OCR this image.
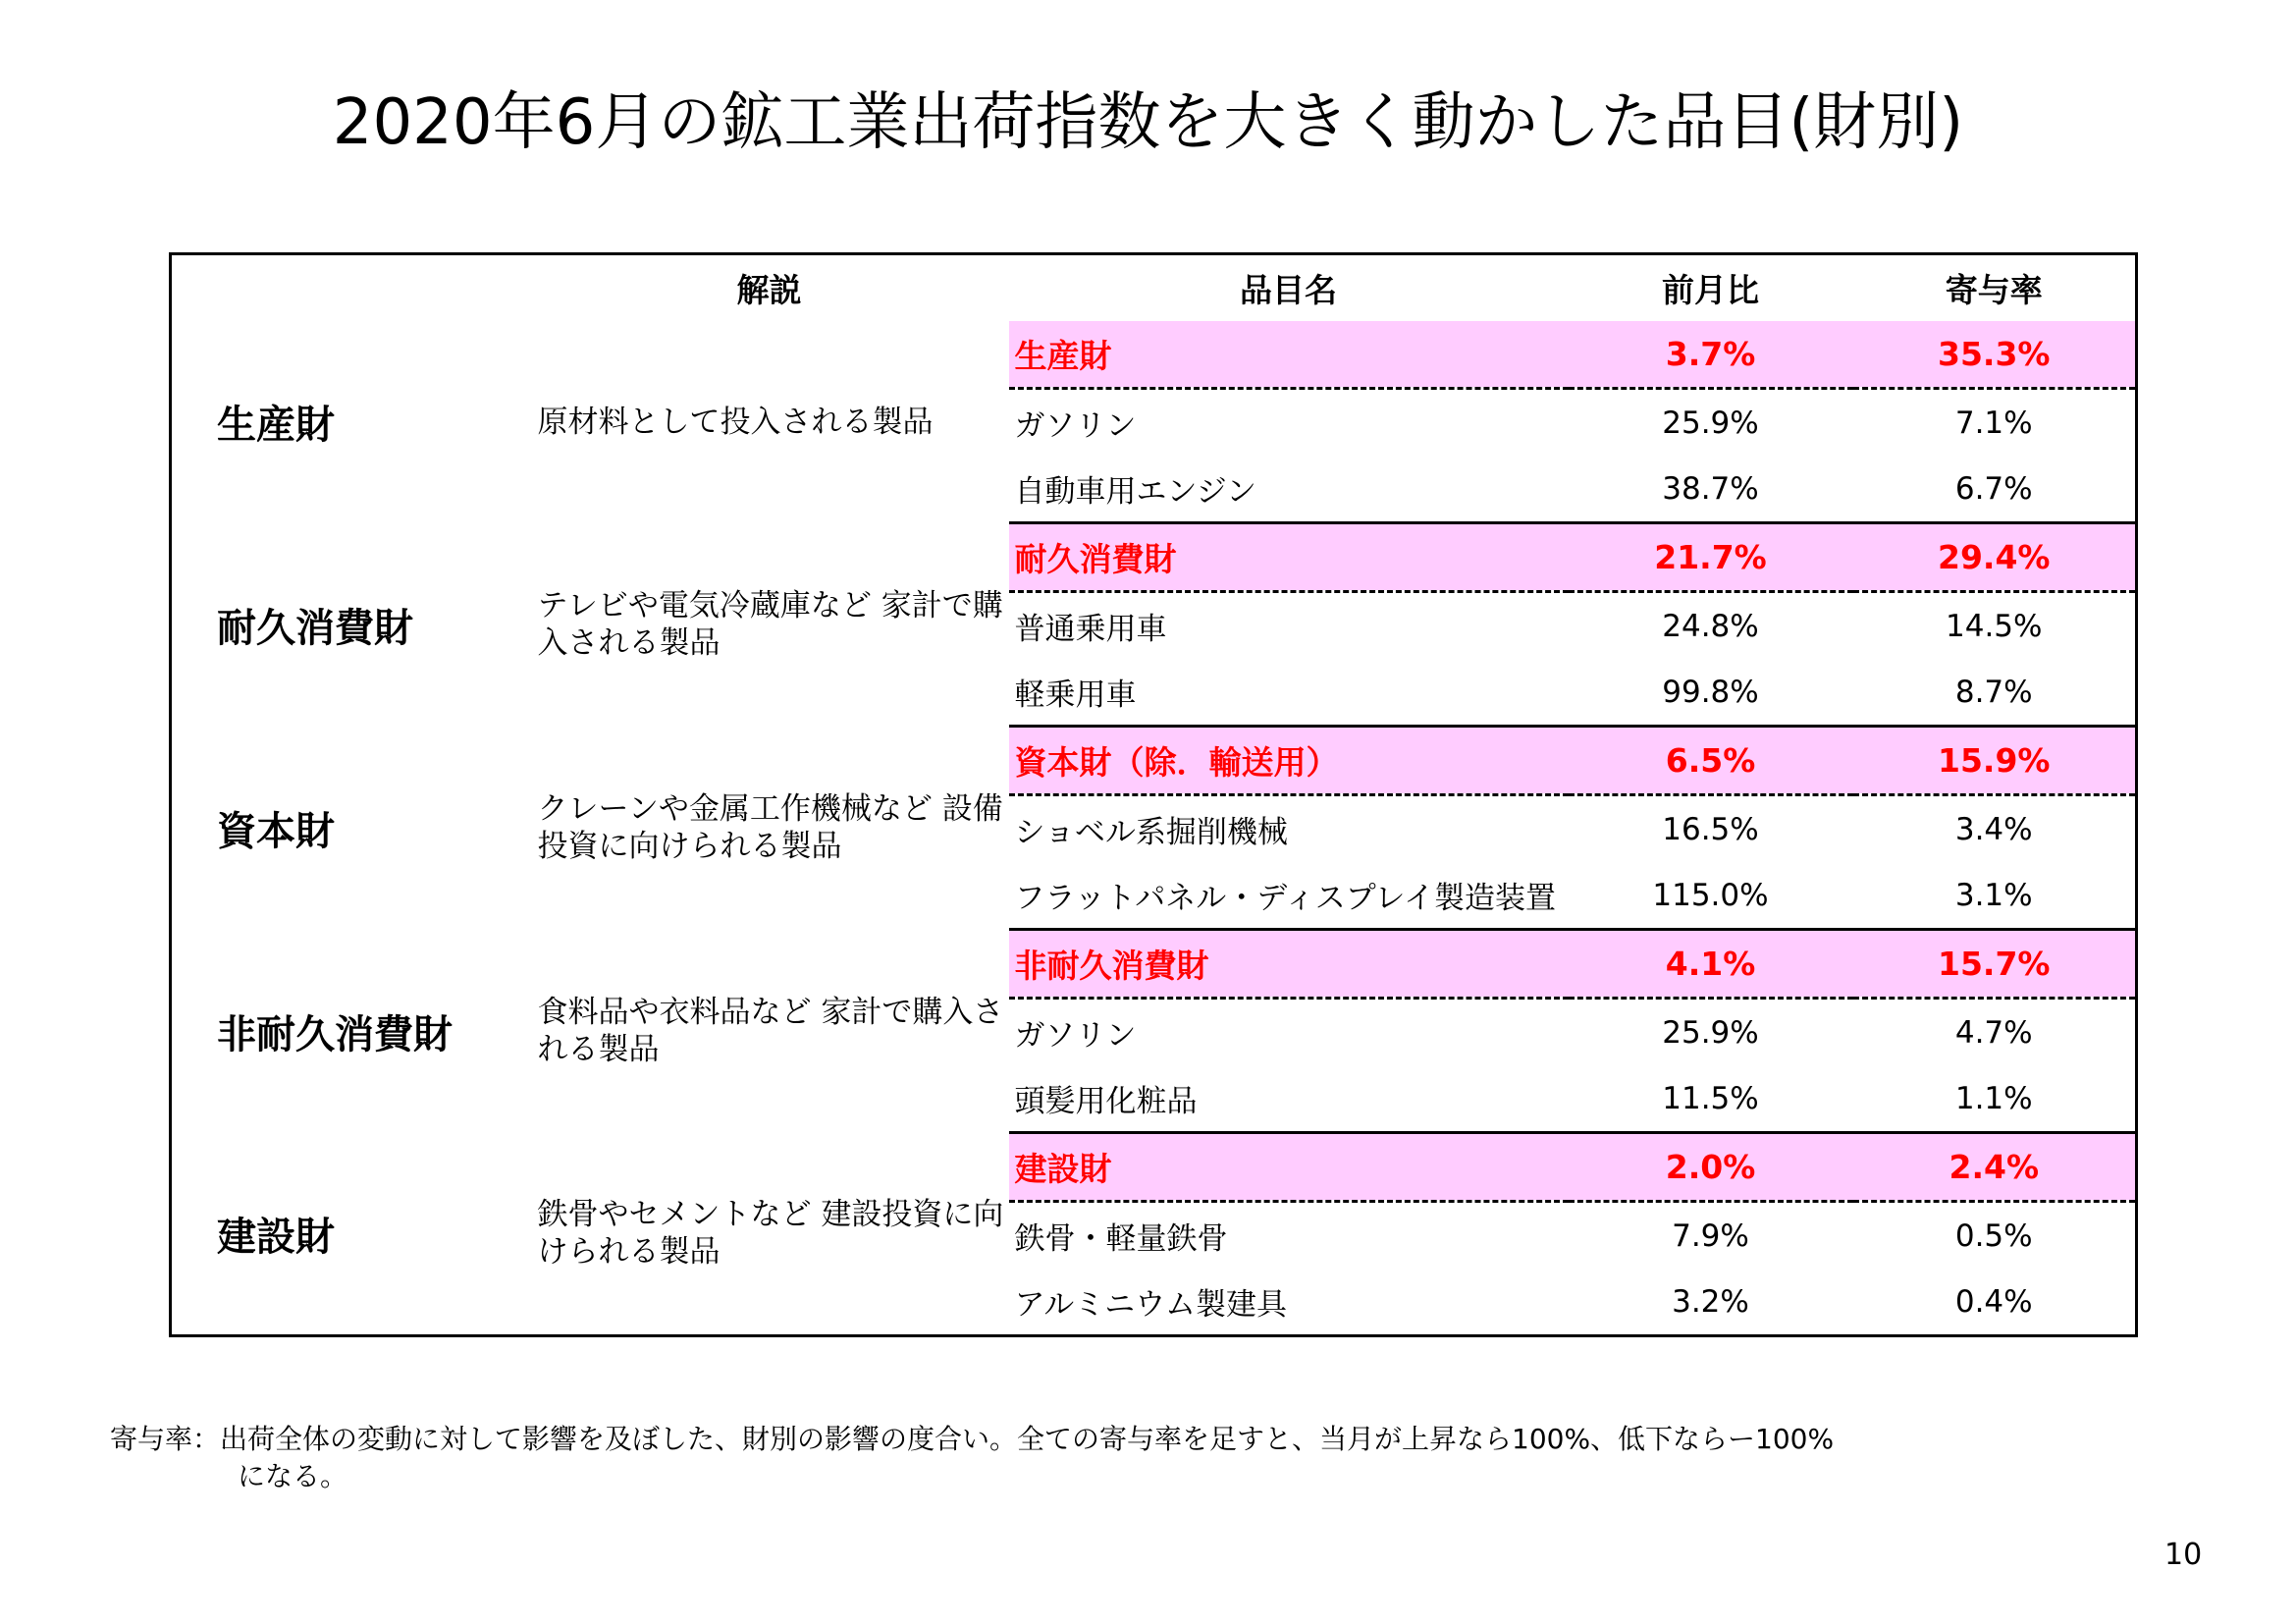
2020年6月の鉱工業出荷指数を大きく動かした品目(財別)
	解説	品目名	前月比	寄与率
生産財	原材料として投入される製品	生産財	3.7%	35.3%
		ガソリン	25.9%	7.1%
		自動車用エンジン	38.7%	6.7%
耐久消費財	テレビや電気冷蔵庫など 家計で購入される製品	耐久消費財	21.7%	29.4%
		普通乗用車	24.8%	14.5%
		軽乗用車	99.8%	8.7%
資本財	クレーンや金属工作機械など 設備投資に向けられる製品	資本財（除．輸送用）	6.5%	15.9%
		ショベル系掘削機械	16.5%	3.4%
		フラットパネル・ディスプレイ製造装置	115.0%	3.1%
非耐久消費財	食料品や衣料品など 家計で購入される製品	非耐久消費財	4.1%	15.7%
		ガソリン	25.9%	4.7%
		頭髪用化粧品	11.5%	1.1%
建設財	鉄骨やセメントなど 建設投資に向けられる製品	建設財	2.0%	2.4%
		鉄骨・軽量鉄骨	7.9%	0.5%
		アルミニウム製建具	3.2%	0.4%
寄与率：出荷全体の変動に対して影響を及ぼした、財別の影響の度合い。全ての寄与率を足すと、当月が上昇なら100%、低下ならー100%
になる。
10
